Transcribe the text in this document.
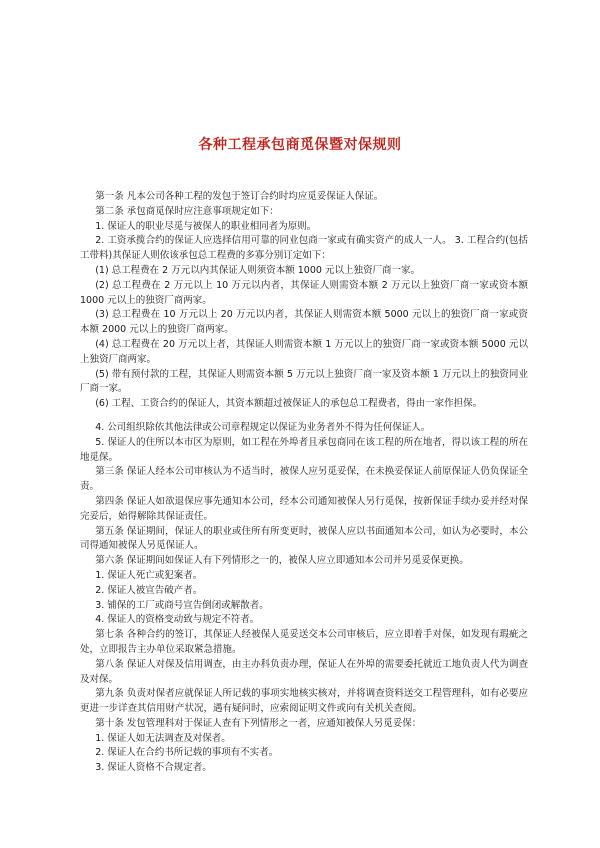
各种工程承包商觅保暨对保规则

第一条 凡本公司各种工程的发包于签订合约时均应觅妥保证人保证。

第二条 承包商觅保时应注意事项规定如下：

1. 保证人的职业尽觅与被保人的职业相同者为原则。

2. 工资承揽合约的保证人应选择信用可靠的同业包商一家或有确实资产的成人一人。 3. 工程合约(包括工带料)其保证人则依该承包总工程费的多寡分别订定如下：

(1) 总工程费在 2 万元以内其保证人则须资本额 1000 元以上独资厂商一家。

(2) 总工程费在 2 万元以上 10 万元以内者，其保证人则需资本额 2 万元以上独资厂商一家或资本额 1000 元以上的独资厂商两家。

(3) 总工程费在 10 万元以上 20 万元以内者，其保证人则需资本额 5000 元以上的独资厂商一家或资本额 2000 元以上的独资厂商两家。

(4) 总工程费在 20 万元以上者，其保证人则需资本额 1 万元以上的独资厂商一家或资本额 5000 元以上独资厂商两家。

(5) 带有预付款的工程，其保证人则需资本额 5 万元以上独资厂商一家及资本额 1 万元以上的独资同业厂商一家。

(6) 工程、工资合约的保证人，其资本额超过被保证人的承包总工程费者，得由一家作担保。

4. 公司组织除依其他法律或公司章程规定以保证为业务者外不得为任何保证人。

5. 保证人的住所以本市区为原则，如工程在外埠者且承包商同在该工程的所在地者，得以该工程的所在地觅保。

第三条 保证人经本公司审核认为不适当时，被保人应另觅妥保，在未换妥保证人前原保证人仍负保证全责。

第四条 保证人如欲退保应事先通知本公司，经本公司通知被保人另行觅保，按新保证手续办妥并经对保完妥后，始得解除其保证责任。

第五条 保证期间，保证人的职业或住所有所变更时，被保人应以书面通知本公司，如认为必要时，本公司得通知被保人另觅保证人。

第六条 保证期间如保证人有下列情形之一的，被保人应立即通知本公司并另觅妥保更换。

1. 保证人死亡或犯案者。

2. 保证人被宣告破产者。

3. 铺保的工厂或商号宣告倒闭或解散者。

4. 保证人的资格变动致与规定不符者。

第七条 各种合约的签订，其保证人经被保人觅妥送交本公司审核后，应立即着手对保，如发现有瑕疵之处，立即报告主办单位采取紧急措施。

第八条 保证人对保及信用调查，由主办科负责办理，保证人在外埠的需要委托就近工地负责人代为调查及对保。

第九条 负责对保者应就保证人所记载的事项实地核实核对，并将调查资料送交工程管理科，如有必要应更进一步详查其信用财产状况，遇有疑问时，应索阅证明文件或向有关机关查阅。

第十条 发包管理科对于保证人查有下列情形之一者，应通知被保人另觅妥保：

1. 保证人如无法调查及对保者。

2. 保证人在合约书所记载的事项有不实者。

3. 保证人资格不合规定者。
